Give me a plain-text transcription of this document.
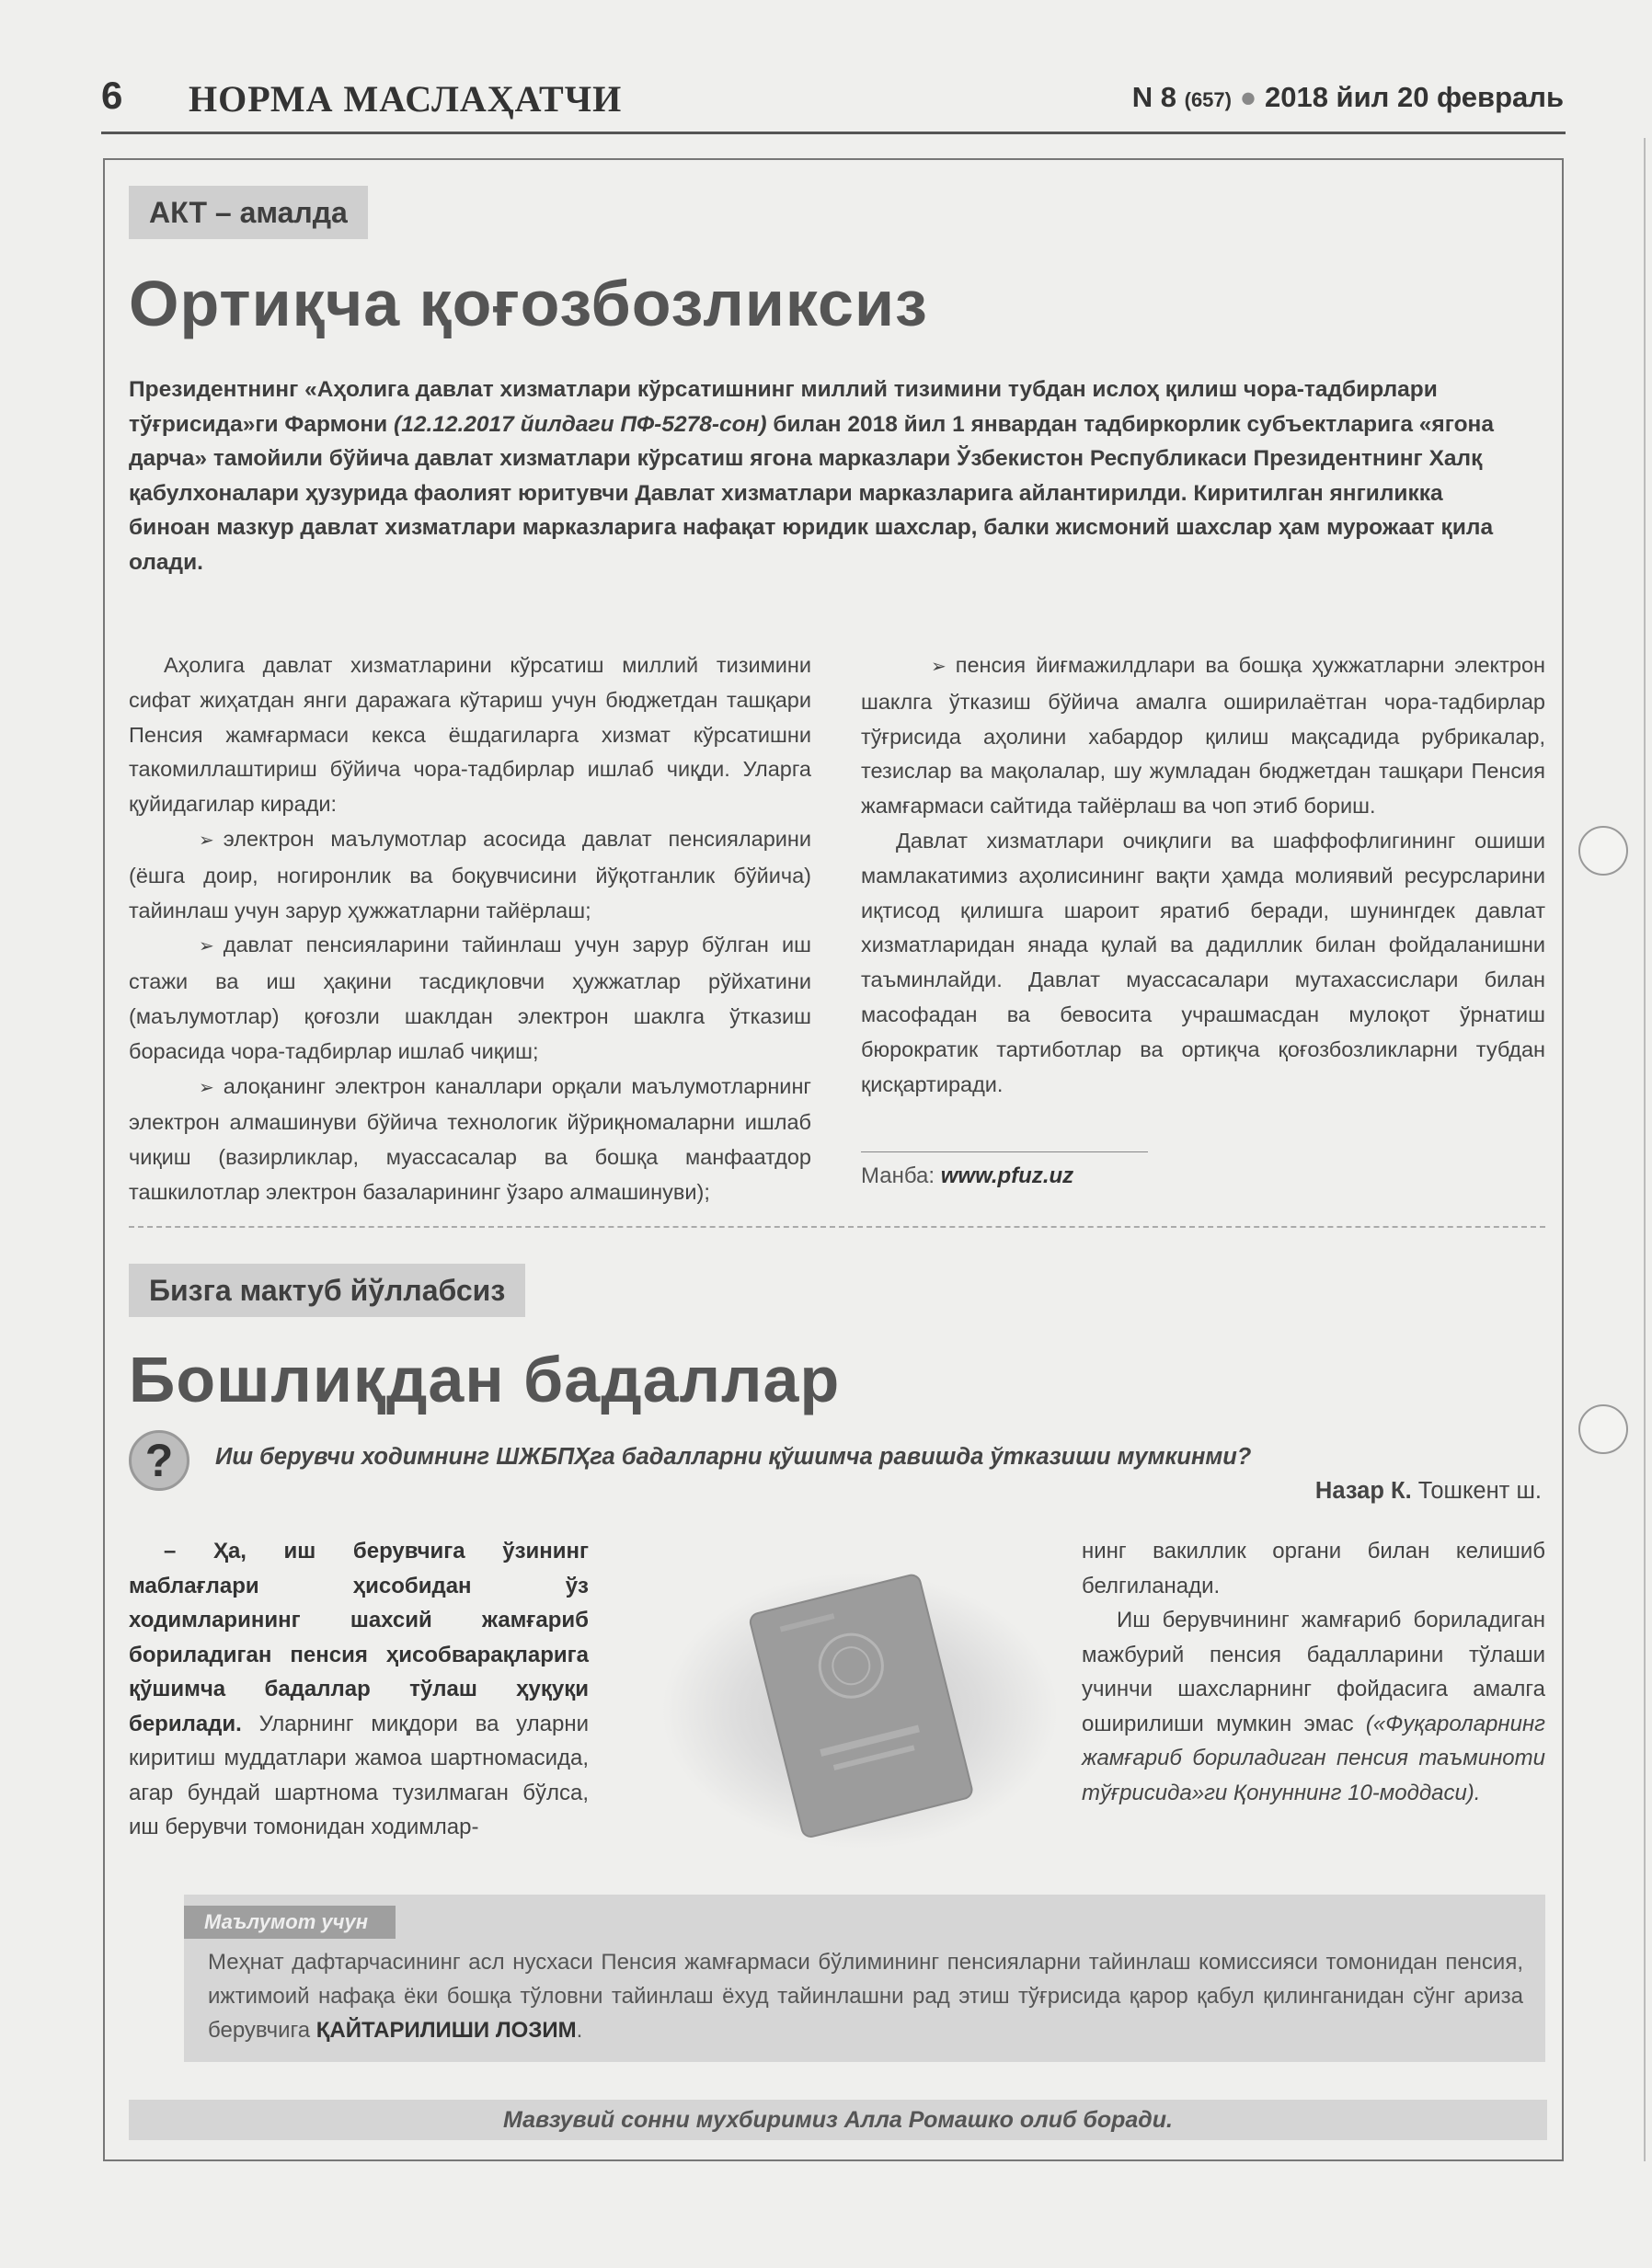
6 НОРМА МАСЛАҲАТЧИ	N 8 (657) ● 2018 йил 20 февраль
АКТ – амалда
Ортиқча қоғозбозликсиз
Президентнинг «Аҳолига давлат хизматлари кўрсатишнинг миллий тизимини тубдан ислоҳ қилиш чора-тадбирлари тўғрисида»ги Фармони (12.12.2017 йилдаги ПФ-5278-сон) билан 2018 йил 1 январдан тадбиркорлик субъектларига «ягона дарча» тамойили бўйича давлат хизматлари кўрсатиш ягона марказлари Ўзбекистон Республикаси Президентнинг Халқ қабулхоналари ҳузурида фаолият юритувчи Давлат хизматлари марказларига айлантирилди. Киритилган янгиликка биноан мазкур давлат хизматлари марказларига нафақат юридик шахслар, балки жисмоний шахслар ҳам мурожаат қила олади.

Аҳолига давлат хизматларини кўрсатиш миллий тизимини сифат жиҳатдан янги даражага кўтариш учун бюджетдан ташқари Пенсия жамғармаси кекса ёшдагиларга хизмат кўрсатишни такомиллаштириш бўйича чора-тадбирлар ишлаб чиқди. Уларга қуйидагилар киради:

➢ электрон маълумотлар асосида давлат пенсияларини (ёшга доир, ногиронлик ва боқувчисини йўқотганлик бўйича) тайинлаш учун зарур ҳужжатларни тайёрлаш;

➢ давлат пенсияларини тайинлаш учун зарур бўлган иш стажи ва иш ҳақини тасдиқловчи ҳужжатлар рўйхатини (маълумотлар) қоғозли шаклдан электрон шаклга ўтказиш борасида чора-тадбирлар ишлаб чиқиш;

➢ алоқанинг электрон каналлари орқали маълумотларнинг электрон алмашинуви бўйича технологик йўриқномаларни ишлаб чиқиш (вазирликлар, муассасалар ва бошқа манфаатдор ташкилотлар электрон базаларининг ўзаро алмашинуви);

➢ пенсия йиғмажилдлари ва бошқа ҳужжатларни электрон шаклга ўтказиш бўйича амалга оширилаётган чора-тадбирлар тўғрисида аҳолини хабардор қилиш мақсадида рубрикалар, тезислар ва мақолалар, шу жумладан бюджетдан ташқари Пенсия жамғармаси сайтида тайёрлаш ва чоп этиб бориш.

Давлат хизматлари очиқлиги ва шаффофлигининг ошиши мамлакатимиз аҳолисининг вақти ҳамда молиявий ресурсларини иқтисод қилишга шароит яратиб беради, шунингдек давлат хизматларидан янада қулай ва дадиллик билан фойдаланишни таъминлайди. Давлат муассасалари мутахассислари билан масофадан ва бевосита учрашмасдан мулоқот ўрнатиш бюрократик тартиботлар ва ортиқча қоғозбозликларни тубдан қисқартиради.

Манба: www.pfuz.uz
Бизга мактуб йўллабсиз
Бошлиқдан бадаллар
?	Иш берувчи ходимнинг ШЖБПҲга бадалларни қўшимча равишда ўтказиши мумкинми?
Назар К. Тошкент ш.

– Ҳа, иш берувчига ўзининг маблағлари ҳисобидан ўз ходимларининг шахсий жамғариб бориладиган пенсия ҳисобварақларига қўшимча бадаллар тўлаш ҳуқуқи берилади. Уларнинг миқдори ва уларни киритиш муддатлари жамоа шартномасида, агар бундай шартнома тузилмаган бўлса, иш берувчи томонидан ходимлар-

нинг вакиллик органи билан келишиб белгиланади.

Иш берувчининг жамғариб бориладиган мажбурий пенсия бадалларини тўлаши учинчи шахсларнинг фойдасига амалга оширилиши мумкин эмас («Фуқароларнинг жамғариб бориладиган пенсия таъминоти тўғрисида»ги Қонуннинг 10-моддаси).

Маълумот учун
Меҳнат дафтарчасининг асл нусхаси Пенсия жамғармаси бўлимининг пенсияларни тайинлаш комиссияси томонидан пенсия, ижтимоий нафақа ёки бошқа тўловни тайинлаш ёхуд тайинлашни рад этиш тўғрисида қарор қабул қилинганидан сўнг ариза берувчига ҚАЙТАРИЛИШИ ЛОЗИМ.
Мавзувий сонни мухбиримиз Алла Ромашко олиб боради.
